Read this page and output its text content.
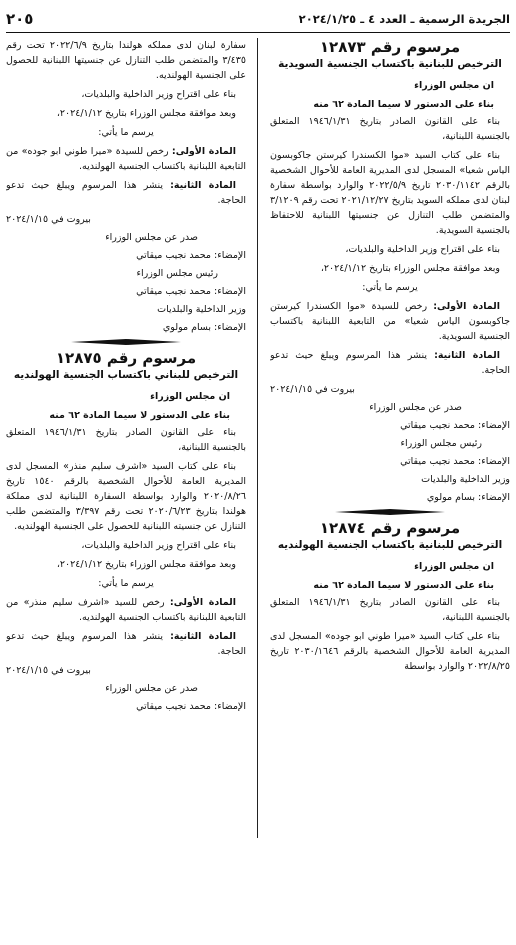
الجريدة الرسمية ـ العدد ٤ ـ ٢٠٢٤/١/٢٥
٢٠٥

مرسوم رقم ١٢٨٧٣

الترخيص للبنانية باكتساب الجنسية السويدية

ان مجلس الوزراء

بناء على الدستور لا سيما المادة ٦٢ منه

بناء على القانون الصادر بتاريخ ١٩٤٦/١/٣١ المتعلق بالجنسية اللبنانية،

بناء على كتاب السيد «موا الكسندرا كيرستن جاكوبسون الياس شعيا» المسجل لدى المديرية العامة للأحوال الشخصية بالرقم ٢٠٣٠/١١٤٢ تاريخ ٢٠٢٢/٥/٩ والوارد بواسطة سفارة لبنان لدى مملكه السويد بتاريخ ٢٠٢١/١٢/٢٧ تحت رقم ٣/١٢٠٩ والمتضمن طلب التنازل عن جنسيتها اللبنانية للاحتفاظ بالجنسية السويدية.

بناء على اقتراح وزير الداخلية والبلديات،

وبعد موافقة مجلس الوزراء بتاريخ ٢٠٢٤/١/١٢،

يرسم ما يأتي:

المادة الأولى: رخص للسيدة «موا الكسندرا كيرستن جاكوبسون الياس شعيا» من التابعية اللبنانية باكتساب الجنسية السويدية.

المادة الثانية: ينشر هذا المرسوم ويبلغ حيث تدعو الحاجة.

بيروت في ٢٠٢٤/١/١٥

صدر عن مجلس الوزراء

الإمضاء: محمد نجيب ميقاتي

رئيس مجلس الوزراء

الإمضاء: محمد نجيب ميقاتي

وزير الداخلية والبلديات

الإمضاء: بسام مولوي

مرسوم رقم ١٢٨٧٤

الترخيص للبنانية باكتساب الجنسية الهولنديه

ان مجلس الوزراء

بناء على الدستور لا سيما المادة ٦٢ منه

بناء على القانون الصادر بتاريخ ١٩٤٦/١/٣١ المتعلق بالجنسية اللبنانية،

بناء على كتاب السيد «ميرا طوني ابو جوده» المسجل لدى المديرية العامة للأحوال الشخصية بالرقم ٢٠٣٠/١٦٤٦ تاريخ ٢٠٢٢/٨/٢٥ والوارد بواسطة

سفارة لبنان لدى مملكه هولندا بتاريخ ٢٠٢٢/٦/٩ تحت رقم ٣/٤٣٥ والمتضمن طلب التنازل عن جنسيتها اللبنانية للحصول على الجنسية الهولنديه.

بناء على اقتراح وزير الداخلية والبلديات،

وبعد موافقة مجلس الوزراء بتاريخ ٢٠٢٤/١/١٢،

يرسم ما يأتي:

المادة الأولى: رخص للسيدة «ميرا طوني ابو جوده» من التابعية اللبنانية باكتساب الجنسية الهولنديه.

المادة الثانية: ينشر هذا المرسوم ويبلغ حيث تدعو الحاجة.

بيروت في ٢٠٢٤/١/١٥

صدر عن مجلس الوزراء

الإمضاء: محمد نجيب ميقاتي

رئيس مجلس الوزراء

الإمضاء: محمد نجيب ميقاتي

وزير الداخلية والبلديات

الإمضاء: بسام مولوي

مرسوم رقم ١٢٨٧٥

الترخيص للبناني باكتساب الجنسية الهولنديه

ان مجلس الوزراء

بناء على الدستور لا سيما المادة ٦٢ منه

بناء على القانون الصادر بتاريخ ١٩٤٦/١/٣١ المتعلق بالجنسية اللبنانية،

بناء على كتاب السيد «اشرف سليم منذر» المسجل لدى المديرية العامة للأحوال الشخصية بالرقم ١٥٤٠ تاريخ ٢٠٢٠/٨/٢٦ والوارد بواسطة السفارة اللبنانية لدى مملكة هولندا بتاريخ ٢٠٢٠/٦/٢٣ تحت رقم ٣/٣٩٧ والمتضمن طلب التنازل عن جنسيته اللبنانية للحصول على الجنسية الهولنديه.

بناء على اقتراح وزير الداخلية والبلديات،

وبعد موافقة مجلس الوزراء بتاريخ ٢٠٢٤/١/١٢،

يرسم ما يأتي:

المادة الأولى: رخص للسيد «اشرف سليم منذر» من التابعية اللبنانية باكتساب الجنسية الهولنديه.

المادة الثانية: ينشر هذا المرسوم ويبلغ حيث تدعو الحاجة.

بيروت في ٢٠٢٤/١/١٥

صدر عن مجلس الوزراء

الإمضاء: محمد نجيب ميقاتي
